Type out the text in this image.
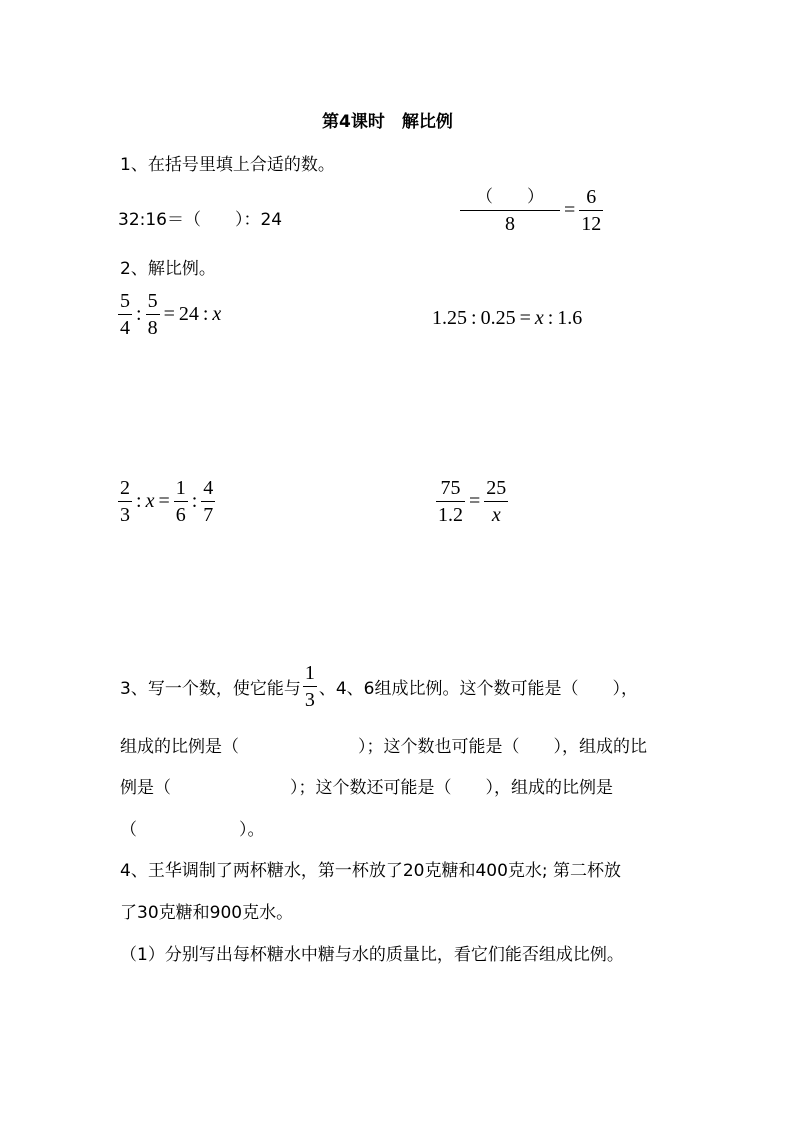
第4课时　解比例
1、在括号里填上合适的数。
32:16＝（　　）：24	$\frac{( )}{8} = \frac{6}{12}$
2、解比例。
$\frac{5}{4}$ : $\frac{5}{8} = 24$ : x	1.25 : 0.25 = x : 1.6
$\frac{2}{3}$ : $x = \frac{1}{6}$ : $\frac{4}{7}$	$\frac{75}{1.2} = \frac{25}{x}$
3、写一个数，使它能与 $\frac{1}{3}$ 、4、6组成比例。这个数可能是（　　），
组成的比例是（　　　　　　　）；这个数也可能是（　　），组成的比
例是（　　　　　　　）；这个数还可能是（　　），组成的比例是
（　　　　　　）。
4、王华调制了两杯糖水，第一杯放了20克糖和400克水; 第二杯放
了30克糖和900克水。
（1）分别写出每杯糖水中糖与水的质量比，看它们能否组成比例。
